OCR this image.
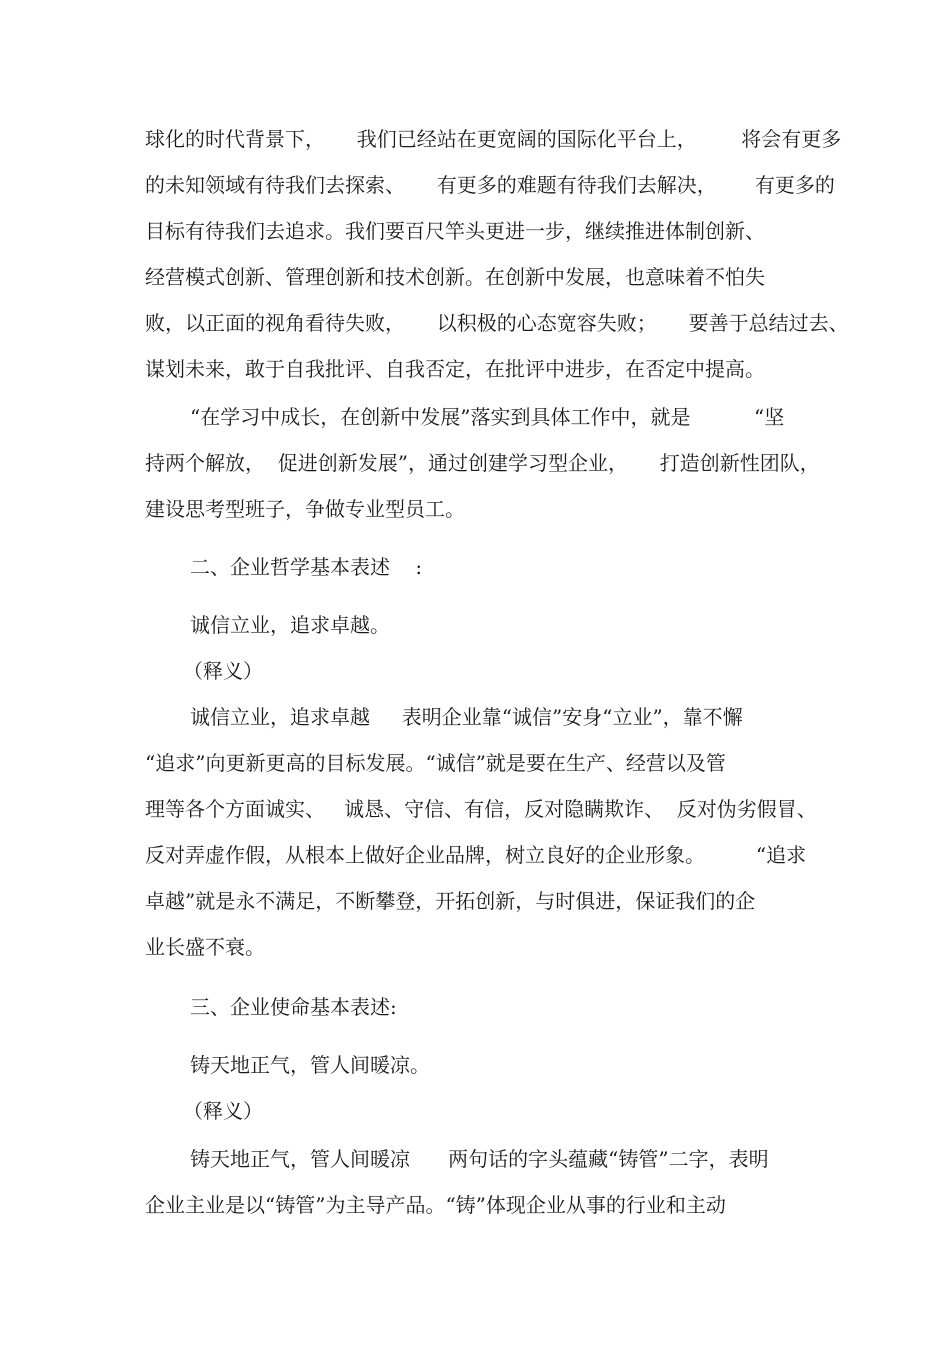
球化的时代背景下，     我们已经站在更宽阔的国际化平台上，       将会有更多
的未知领域有待我们去探索、     有更多的难题有待我们去解决，      有更多的
目标有待我们去追求。我们要百尺竿头更进一步，继续推进体制创新、
经营模式创新、管理创新和技术创新。在创新中发展，也意味着不怕失
败，以正面的视角看待失败，     以积极的心态宽容失败；     要善于总结过去、
谋划未来，敢于自我批评、自我否定，在批评中进步，在否定中提高。
“在学习中成长，在创新中发展”落实到具体工作中，就是          “坚
持两个解放，  促进创新发展”，通过创建学习型企业，     打造创新性团队，
建设思考型班子，争做专业型员工。
二、企业哲学基本表述    :
诚信立业，追求卓越。
（释义）
诚信立业，追求卓越     表明企业靠“诚信”安身“立业”，靠不懈
“追求”向更新更高的目标发展。“诚信”就是要在生产、经营以及管
理等各个方面诚实、   诚恳、守信、有信，反对隐瞒欺诈、  反对伪劣假冒、
反对弄虚作假，从根本上做好企业品牌，树立良好的企业形象。        “追求
卓越”就是永不满足，不断攀登，开拓创新，与时俱进，保证我们的企
业长盛不衰。
三、企业使命基本表述:
铸天地正气，管人间暖凉。
（释义）
铸天地正气，管人间暖凉      两句话的字头蕴藏“铸管”二字，表明
企业主业是以“铸管”为主导产品。“铸”体现企业从事的行业和主动
